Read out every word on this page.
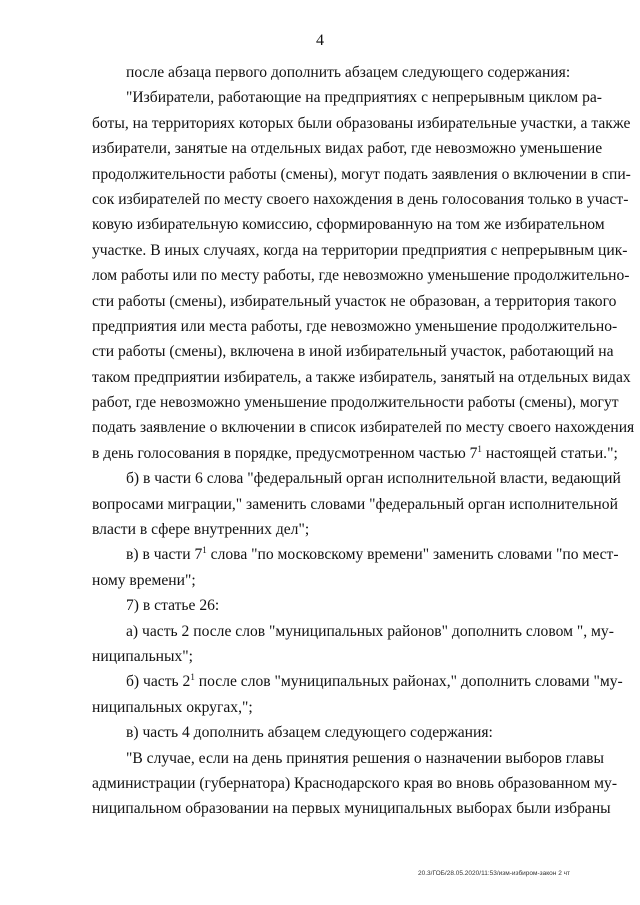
4
после абзаца первого дополнить абзацем следующего содержания:
"Избиратели, работающие на предприятиях с непрерывным циклом ра-
боты, на территориях которых были образованы избирательные участки, а также
избиратели, занятые на отдельных видах работ, где невозможно уменьшение
продолжительности работы (смены), могут подать заявления о включении в спи-
сок избирателей по месту своего нахождения в день голосования только в участ-
ковую избирательную комиссию, сформированную на том же избирательном
участке. В иных случаях, когда на территории предприятия с непрерывным цик-
лом работы или по месту работы, где невозможно уменьшение продолжительно-
сти работы (смены), избирательный участок не образован, а территория такого
предприятия или места работы, где невозможно уменьшение продолжительно-
сти работы (смены), включена в иной избирательный участок, работающий на
таком предприятии избиратель, а также избиратель, занятый на отдельных видах
работ, где невозможно уменьшение продолжительности работы (смены), могут
подать заявление о включении в список избирателей по месту своего нахождения
в день голосования в порядке, предусмотренном частью $7^1$ настоящей статьи.";
б) в части 6 слова "федеральный орган исполнительной власти, ведающий
вопросами миграции," заменить словами "федеральный орган исполнительной
власти в сфере внутренних дел";
в) в части $7^1$ слова "по московскому времени" заменить словами "по мест-
ному времени";
7) в статье 26:
а) часть 2 после слов "муниципальных районов" дополнить словом ", му-
ниципальных";
б) часть $2^1$ после слов "муниципальных районах," дополнить словами "му-
ниципальных округах,";
в) часть 4 дополнить абзацем следующего содержания:
"В случае, если на день принятия решения о назначении выборов главы
администрации (губернатора) Краснодарского края во вновь образованном му-
ниципальном образовании на первых муниципальных выборах были избраны
20.3/ГОБ/28.05.2020/11:53/изм-избиром-закон 2 чт
